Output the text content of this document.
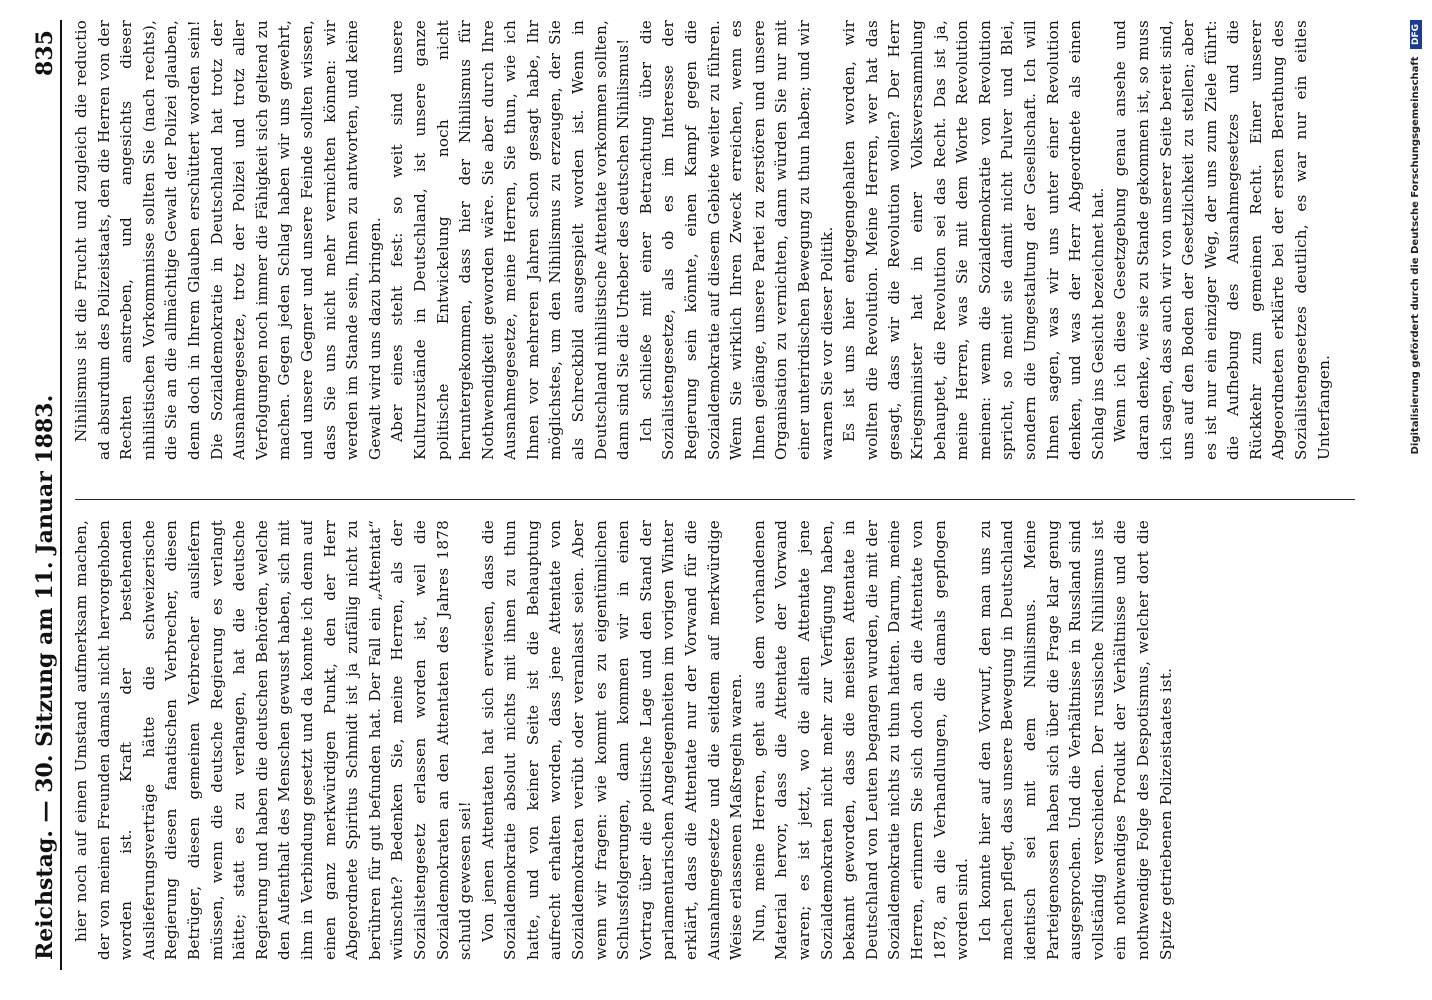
Reichstag. — 30. Sitzung am 11. Januar 1883.
835

hier noch auf einen Umstand aufmerksam machen, der von meinen Freunden damals nicht hervorgehoben worden ist. Kraft der bestehenden Auslieferungsverträge hätte die schweizerische Regierung diesen fanatischen Verbrecher, diesen Betrüger, diesen gemeinen Verbrecher ausliefern müssen, wenn die deutsche Regierung es verlangt hätte; statt es zu verlangen, hat die deutsche Regierung und haben die deutschen Behörden, welche den Aufenthalt des Menschen gewusst haben, sich mit ihm in Verbindung gesetzt und da konnte ich denn auf einen ganz merkwürdigen Punkt, den der Herr Abgeordnete Spiritus Schmidt ist ja zufällig nicht zu berühren für gut befunden hat. Der Fall ein „Attentat“ wünschte? Bedenken Sie, meine Herren, als der Sozialistengesetz erlassen worden ist, weil die Sozialdemokraten an den Attentaten des Jahres 1878 schuld gewesen sei! Von jenen Attentaten hat sich erwiesen, dass die Sozialdemokratie absolut nichts mit ihnen zu thun hatte, und von keiner Seite ist die Behauptung aufrecht erhalten worden, dass jene Attentate von Sozialdemokraten verübt oder veranlasst seien. Aber wenn wir fragen: wie kommt es zu eigentümlichen Schlussfolgerungen, dann kommen wir in einen Vortrag über die politische Lage und den Stand der parlamentarischen Angelegenheiten im vorigen Winter erklärt, dass die Attentate nur der Vorwand für die Ausnahmegesetze und die seitdem auf merkwürdige Weise erlassenen Maßregeln waren. Nun, meine Herren, geht aus dem vorhandenen Material hervor, dass die Attentate der Vorwand waren; es ist jetzt, wo die alten Attentate jene Sozialdemokraten nicht mehr zur Verfügung haben, bekannt geworden, dass die meisten Attentate in Deutschland von Leuten begangen wurden, die mit der Sozialdemokratie nichts zu thun hatten. Darum, meine Herren, erinnern Sie sich doch an die Attentate von 1878, an die Verhandlungen, die damals gepflogen worden sind. Ich konnte hier auf den Vorwurf, den man uns zu machen pflegt, dass unsere Bewegung in Deutschland identisch sei mit dem Nihilismus. Meine Parteigenossen haben sich über die Frage klar genug ausgesprochen. Und die Verhältnisse in Russland sind vollständig verschieden. Der russische Nihilismus ist ein nothwendiges Produkt der Verhältnisse und die nothwendige Folge des Despotismus, welcher dort die Spitze getriebenen Polizeistaates ist.

Nihilismus ist die Frucht und zugleich die reductio ad absurdum des Polizeistaats, den die Herren von der Rechten anstreben, und angesichts dieser nihilistischen Vorkommnisse sollten Sie (nach rechts), die Sie an die allmächtige Gewalt der Polizei glauben, denn doch in Ihrem Glauben erschüttert worden sein! Die Sozialdemokratie in Deutschland hat trotz der Ausnahmegesetze, trotz der Polizei und trotz aller Verfolgungen noch immer die Fähigkeit sich geltend zu machen. Gegen jeden Schlag haben wir uns gewehrt, und unsere Gegner und unsere Feinde sollten wissen, dass Sie uns nicht mehr vernichten können: wir werden im Stande sein, Ihnen zu antworten, und keine Gewalt wird uns dazu bringen. Aber eines steht fest: so weit sind unsere Kulturzustände in Deutschland, ist unsere ganze politische Entwickelung noch nicht heruntergekommen, dass hier der Nihilismus für Nothwendigkeit geworden wäre. Sie aber durch Ihre Ausnahmegesetze, meine Herren, Sie thun, wie ich Ihnen vor mehreren Jahren schon gesagt habe, Ihr möglichstes, um den Nihilismus zu erzeugen, der Sie als Schreckbild ausgespielt worden ist. Wenn in Deutschland nihilistische Attentate vorkommen sollten, dann sind Sie die Urheber des deutschen Nihilismus! Ich schließe mit einer Betrachtung über die Sozialistengesetze, als ob es im Interesse der Regierung sein könnte, einen Kampf gegen die Sozialdemokratie auf diesem Gebiete weiter zu führen. Wenn Sie wirklich Ihren Zweck erreichen, wenn es Ihnen gelänge, unsere Partei zu zerstören und unsere Organisation zu vernichten, dann würden Sie nur mit einer unterirdischen Bewegung zu thun haben; und wir warnen Sie vor dieser Politik. Es ist uns hier entgegengehalten worden, wir wollten die Revolution. Meine Herren, wer hat das gesagt, dass wir die Revolution wollen? Der Herr Kriegsminister hat in einer Volksversammlung behauptet, die Revolution sei das Recht. Das ist ja, meine Herren, was Sie mit dem Worte Revolution meinen: wenn die Sozialdemokratie von Revolution spricht, so meint sie damit nicht Pulver und Blei, sondern die Umgestaltung der Gesellschaft. Ich will Ihnen sagen, was wir uns unter einer Revolution denken, und was der Herr Abgeordnete als einen Schlag ins Gesicht bezeichnet hat. Wenn ich diese Gesetzgebung genau ansehe und daran denke, wie sie zu Stande gekommen ist, so muss ich sagen, dass auch wir von unserer Seite bereit sind, uns auf den Boden der Gesetzlichkeit zu stellen; aber es ist nur ein einziger Weg, der uns zum Ziele führt: die Aufhebung des Ausnahmegesetzes und die Rückkehr zum gemeinen Recht. Einer unserer Abgeordneten erklärte bei der ersten Berathung des Sozialistengesetzes deutlich, es war nur ein eitles Unterfangen.	Digitalisierung gefördert durch die Deutsche Forschungsgemeinschaft DFG
